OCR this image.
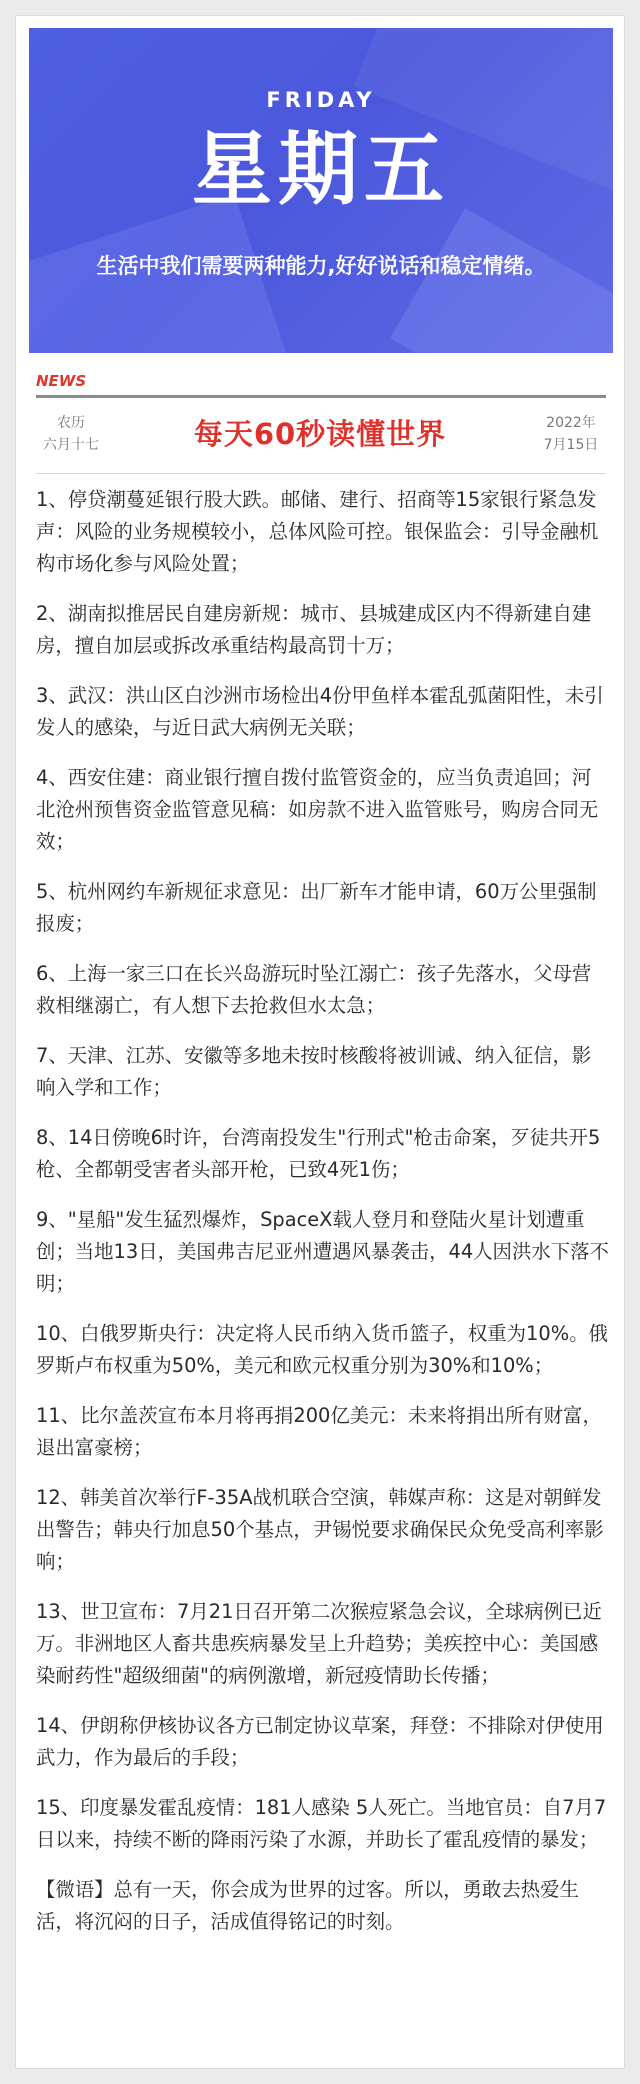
FRIDAY
星期五
生活中我们需要两种能力,好好说话和稳定情绪。
NEWS
农历
六月十七	每天60秒读懂世界	2022年
7月15日
1、停贷潮蔓延银行股大跌。邮储、建行、招商等15家银行紧急发声：风险的业务规模较小，总体风险可控。银保监会：引导金融机构市场化参与风险处置；
2、湖南拟推居民自建房新规：城市、县城建成区内不得新建自建房，擅自加层或拆改承重结构最高罚十万；
3、武汉：洪山区白沙洲市场检出4份甲鱼样本霍乱弧菌阳性，未引发人的感染，与近日武大病例无关联；
4、西安住建：商业银行擅自拨付监管资金的，应当负责追回；河北沧州预售资金监管意见稿：如房款不进入监管账号，购房合同无效；
5、杭州网约车新规征求意见：出厂新车才能申请，60万公里强制报废；
6、上海一家三口在长兴岛游玩时坠江溺亡：孩子先落水，父母营救相继溺亡，有人想下去抢救但水太急；
7、天津、江苏、安徽等多地未按时核酸将被训诫、纳入征信，影响入学和工作；
8、14日傍晚6时许，台湾南投发生"行刑式"枪击命案，歹徒共开5枪、全都朝受害者头部开枪，已致4死1伤；
9、"星船"发生猛烈爆炸，SpaceX载人登月和登陆火星计划遭重创；当地13日，美国弗吉尼亚州遭遇风暴袭击，44人因洪水下落不明；
10、白俄罗斯央行：决定将人民币纳入货币篮子，权重为10%。俄罗斯卢布权重为50%，美元和欧元权重分别为30%和10%；
11、比尔盖茨宣布本月将再捐200亿美元：未来将捐出所有财富，退出富豪榜；
12、韩美首次举行F-35A战机联合空演，韩媒声称：这是对朝鲜发出警告；韩央行加息50个基点，尹锡悦要求确保民众免受高利率影响；
13、世卫宣布：7月21日召开第二次猴痘紧急会议，全球病例已近万。非洲地区人畜共患疾病暴发呈上升趋势；美疾控中心：美国感染耐药性"超级细菌"的病例激增，新冠疫情助长传播；
14、伊朗称伊核协议各方已制定协议草案，拜登：不排除对伊使用武力，作为最后的手段；
15、印度暴发霍乱疫情：181人感染 5人死亡。当地官员：自7月7日以来，持续不断的降雨污染了水源，并助长了霍乱疫情的暴发；
【微语】总有一天，你会成为世界的过客。所以，勇敢去热爱生活，将沉闷的日子，活成值得铭记的时刻。
